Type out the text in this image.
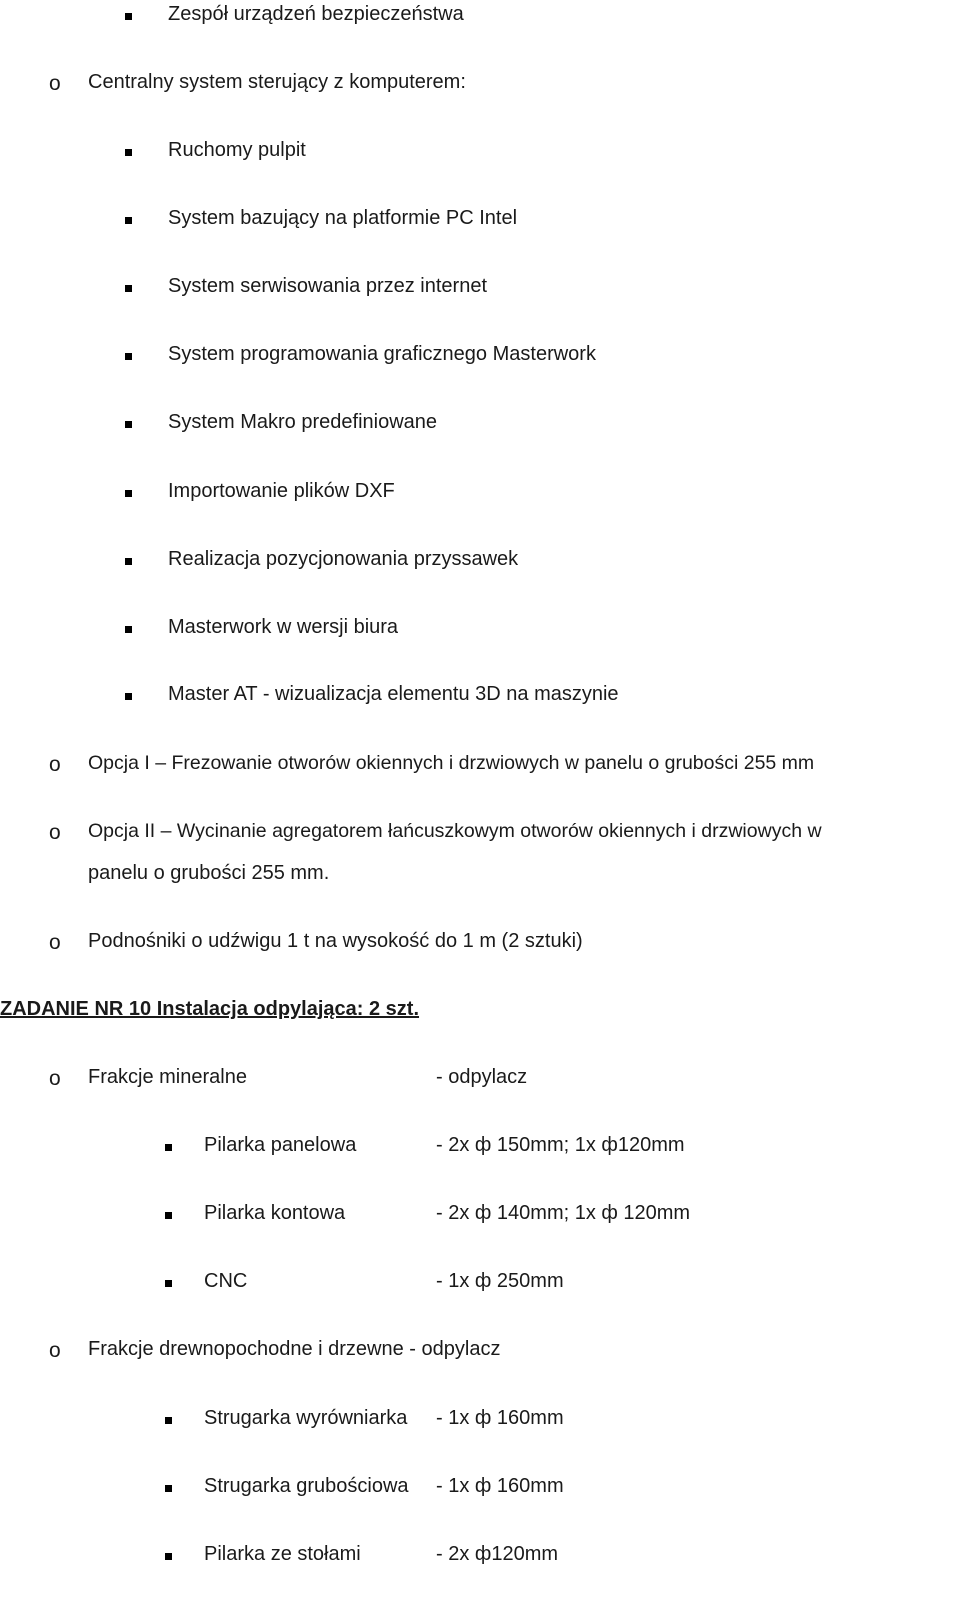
Zespół urządzeń bezpieczeństwa
o Centralny system sterujący z komputerem:
Ruchomy pulpit
System bazujący na platformie PC Intel
System serwisowania przez internet
System programowania graficznego Masterwork
System Makro predefiniowane
Importowanie plików DXF
Realizacja pozycjonowania przyssawek
Masterwork w wersji biura
Master AT - wizualizacja elementu 3D na maszynie
o Opcja I – Frezowanie otworów okiennych i drzwiowych w panelu o grubości 255 mm
o Opcja II – Wycinanie agregatorem łańcuszkowym otworów okiennych i drzwiowych w
panelu o grubości 255 mm.
o Podnośniki o udźwigu 1 t na wysokość do 1 m (2 sztuki)
ZADANIE NR 10 Instalacja odpylająca: 2 szt.
o Frakcje mineralne	- odpylacz
Pilarka panelowa	- 2x ф 150mm; 1x ф120mm
Pilarka kontowa	- 2x ф 140mm; 1x ф 120mm
CNC	- 1x ф 250mm
o Frakcje drewnopochodne i drzewne - odpylacz
Strugarka wyrówniarka - 1x ф 160mm
Strugarka grubościowa - 1x ф 160mm
Pilarka ze stołami	- 2x ф120mm
